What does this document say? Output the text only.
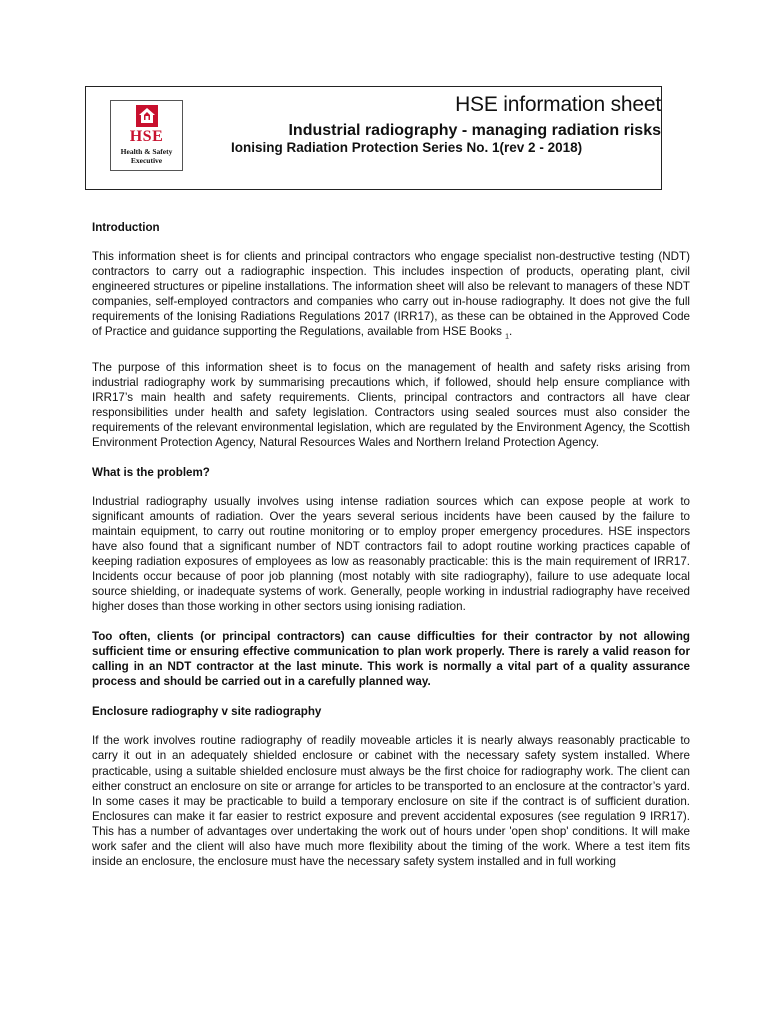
HSE
Health & Safety
Executive
HSE information sheet
Industrial radiography - managing radiation risks
Ionising Radiation Protection Series No. 1(rev 2 - 2018)
Introduction

This information sheet is for clients and principal contractors who engage specialist non-destructive testing (NDT) contractors to carry out a radiographic inspection. This includes inspection of products, operating plant, civil engineered structures or pipeline installations. The information sheet will also be relevant to managers of these NDT companies, self-employed contractors and companies who carry out in-house radiography. It does not give the full requirements of the Ionising Radiations Regulations 2017 (IRR17), as these can be obtained in the Approved Code of Practice and guidance supporting the Regulations, available from HSE Books $_1$.

The purpose of this information sheet is to focus on the management of health and safety risks arising from industrial radiography work by summarising precautions which, if followed, should help ensure compliance with IRR17’s main health and safety requirements. Clients, principal contractors and contractors all have clear responsibilities under health and safety legislation. Contractors using sealed sources must also consider the requirements of the relevant environmental legislation, which are regulated by the Environment Agency, the Scottish Environment Protection Agency, Natural Resources Wales and Northern Ireland Protection Agency.

What is the problem?

Industrial radiography usually involves using intense radiation sources which can expose people at work to significant amounts of radiation. Over the years several serious incidents have been caused by the failure to maintain equipment, to carry out routine monitoring or to employ proper emergency procedures. HSE inspectors have also found that a significant number of NDT contractors fail to adopt routine working practices capable of keeping radiation exposures of employees as low as reasonably practicable: this is the main requirement of IRR17. Incidents occur because of poor job planning (most notably with site radiography), failure to use adequate local source shielding, or inadequate systems of work. Generally, people working in industrial radiography have received higher doses than those working in other sectors using ionising radiation.

Too often, clients (or principal contractors) can cause difficulties for their contractor by not allowing sufficient time or ensuring effective communication to plan work properly. There is rarely a valid reason for calling in an NDT contractor at the last minute. This work is normally a vital part of a quality assurance process and should be carried out in a carefully planned way.

Enclosure radiography v site radiography

If the work involves routine radiography of readily moveable articles it is nearly always reasonably practicable to carry it out in an adequately shielded enclosure or cabinet with the necessary safety system installed. Where practicable, using a suitable shielded enclosure must always be the first choice for radiography work. The client can either construct an enclosure on site or arrange for articles to be transported to an enclosure at the contractor’s yard. In some cases it may be practicable to build a temporary enclosure on site if the contract is of sufficient duration. Enclosures can make it far easier to restrict exposure and prevent accidental exposures (see regulation 9 IRR17). This has a number of advantages over undertaking the work out of hours under 'open shop' conditions. It will make work safer and the client will also have much more flexibility about the timing of the work. Where a test item fits inside an enclosure, the enclosure must have the necessary safety system installed and in full working
